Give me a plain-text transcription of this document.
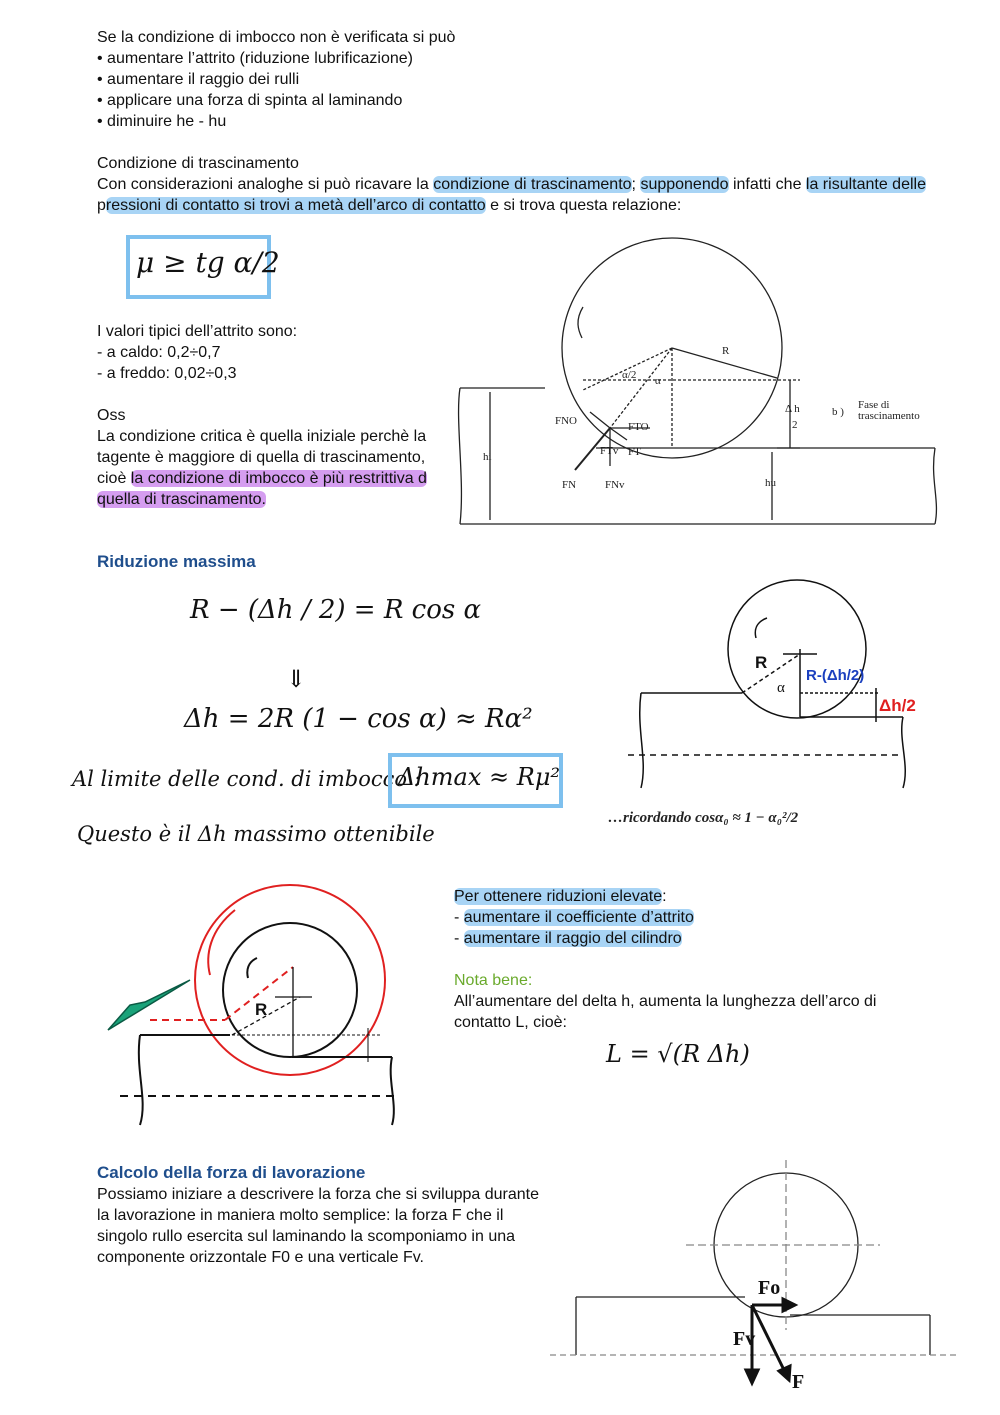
Se la condizione di imbocco non è verificata si può
• aumentare l’attrito (riduzione lubrificazione)
• aumentare il raggio dei rulli
• applicare una forza di spinta al laminando
• diminuire he - hu
Condizione di trascinamento
Con considerazioni analoghe si può ricavare la condizione di trascinamento; supponendo infatti che la risultante delle
pressioni di contatto si trovi a metà dell’arco di contatto e si trova questa relazione:
μ ≥ tg α/2
I valori tipici dell’attrito sono:
- a caldo: 0,2÷0,7
- a freddo: 0,02÷0,3
Oss
La condizione critica è quella iniziale perchè la
tagente è maggiore di quella di trascinamento,
cioè la condizione di imbocco è più restrittiva d
quella di trascinamento.
R
α/2 α
Δ h
2
b )
Fase di
trascinamento
hi
hu
FNO	FTO
FTv FT
FN	FNv
Riduzione massima
R − (Δh / 2) = R cos α
⇓
Δh = 2R (1 − cos α) ≈ Rα²
Al limite delle cond. di imbocco :
Δhmax ≈ Rμ²
Questo è il Δh massimo ottenibile
R
α
R-(Δh/2)
Δh/2
…ricordando cosα₀ ≈ 1 − α₀²/2
Per ottenere riduzioni elevate:
- aumentare il coefficiente d’attrito
- aumentare il raggio del cilindro
Nota bene:
All’aumentare del delta h, aumenta la lunghezza dell’arco di
contatto L, cioè:
L = √(R Δh)
R
Calcolo della forza di lavorazione
Possiamo iniziare a descrivere la forza che si sviluppa durante
la lavorazione in maniera molto semplice: la forza F che il
singolo rullo esercita sul laminando la scomponiamo in una
componente orizzontale F0 e una verticale Fv.
Fo
Fv
F
